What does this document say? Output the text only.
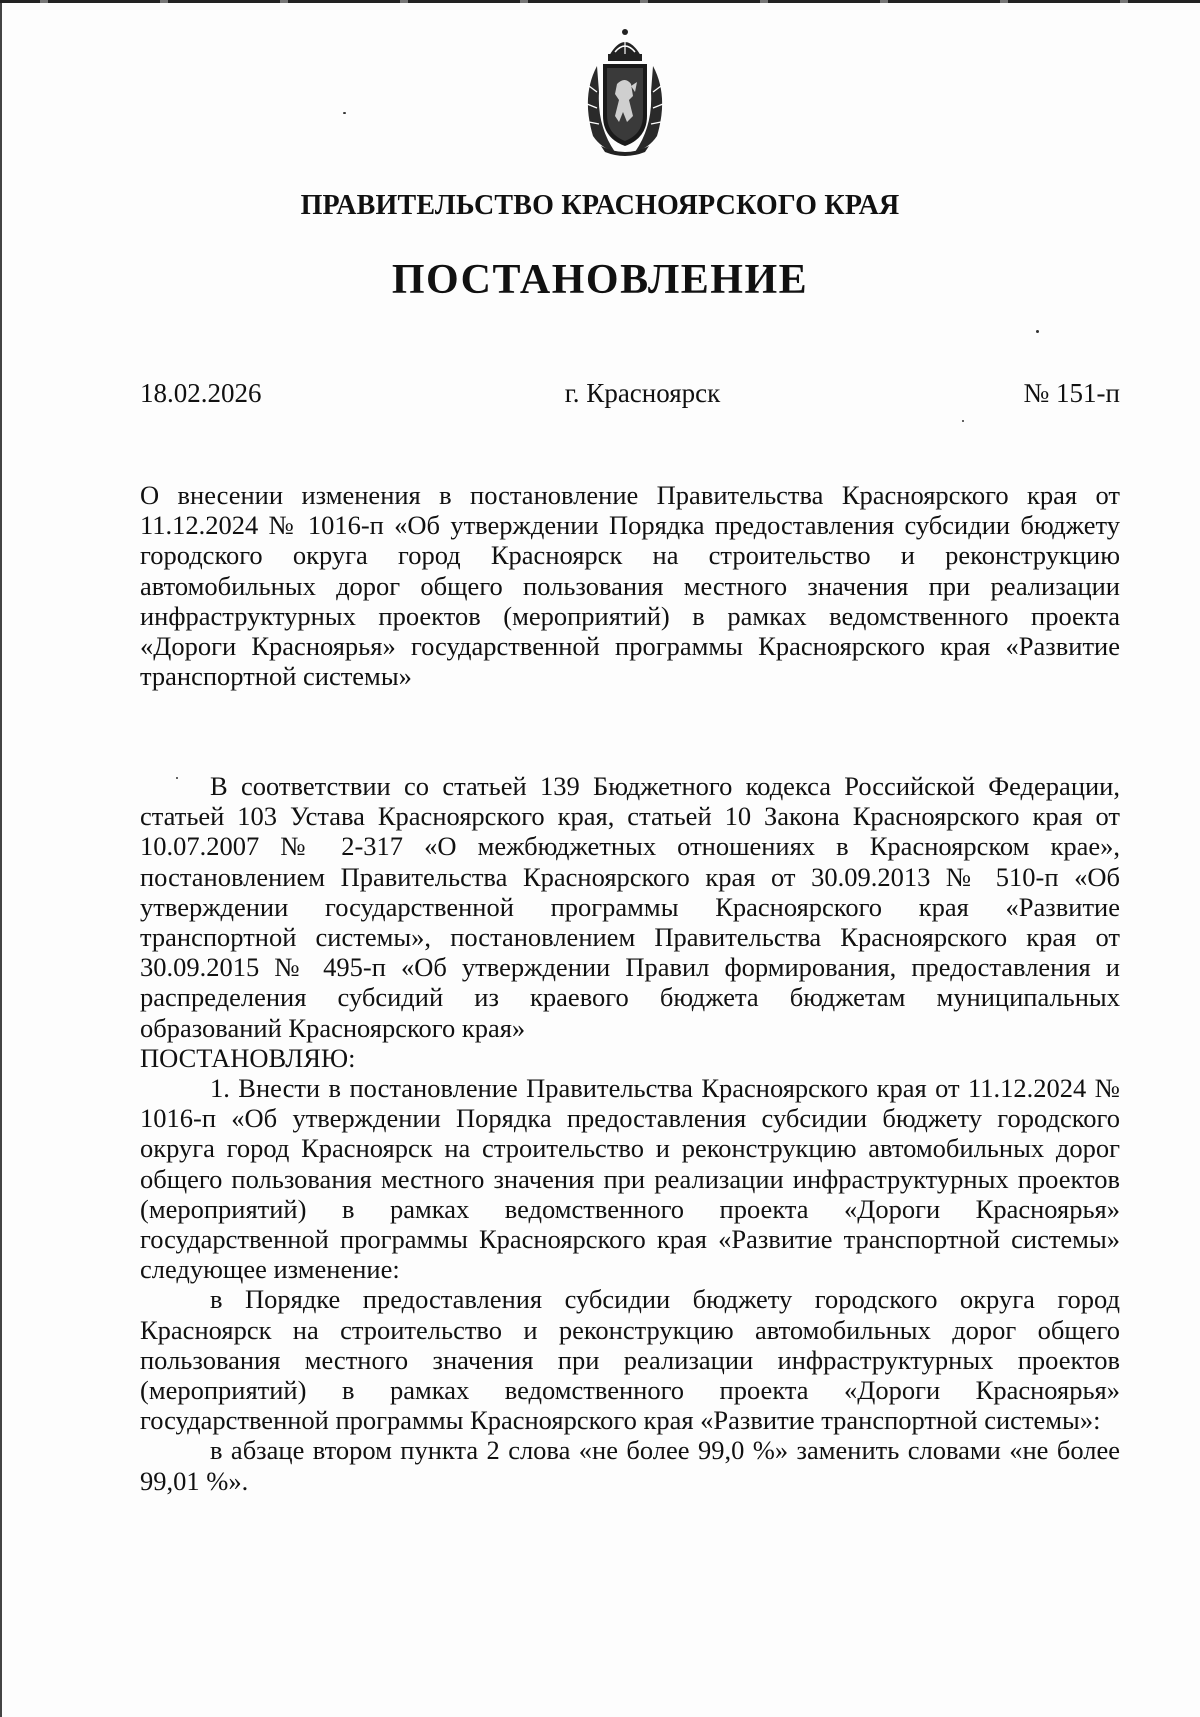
ПРАВИТЕЛЬСТВО КРАСНОЯРСКОГО КРАЯ
ПОСТАНОВЛЕНИЕ
18.02.2026	г. Красноярск	№ 151-п

О внесении изменения в постановление Правительства Красноярского края от 11.12.2024 № 1016-п «Об утверждении Порядка предоставления субсидии бюджету городского округа город Красноярск на строительство и реконструкцию автомобильных дорог общего пользования местного значения при реализации инфраструктурных проектов (мероприятий) в рамках ведомственного проекта «Дороги Красноярья» государственной программы Красноярского края «Развитие транспортной системы»

В соответствии со статьей 139 Бюджетного кодекса Российской Федерации, статьей 103 Устава Красноярского края, статьей 10 Закона Красноярского края от 10.07.2007 № 2-317 «О межбюджетных отношениях в Красноярском крае», постановлением Правительства Красноярского края от 30.09.2013 № 510-п «Об утверждении государственной программы Красноярского края «Развитие транспортной системы», постановлением Правительства Красноярского края от 30.09.2015 № 495-п «Об утверждении Правил формирования, предоставления и распределения субсидий из краевого бюджета бюджетам муниципальных образований Красноярского края»

ПОСТАНОВЛЯЮ:

1. Внести в постановление Правительства Красноярского края от 11.12.2024 № 1016-п «Об утверждении Порядка предоставления субсидии бюджету городского округа город Красноярск на строительство и реконструкцию автомобильных дорог общего пользования местного значения при реализации инфраструктурных проектов (мероприятий) в рамках ведомственного проекта «Дороги Красноярья» государственной программы Красноярского края «Развитие транспортной системы» следующее изменение:

в Порядке предоставления субсидии бюджету городского округа город Красноярск на строительство и реконструкцию автомобильных дорог общего пользования местного значения при реализации инфраструктурных проектов (мероприятий) в рамках ведомственного проекта «Дороги Красноярья» государственной программы Красноярского края «Развитие транспортной системы»:

в абзаце втором пункта 2 слова «не более 99,0 %» заменить словами «не более 99,01 %».
